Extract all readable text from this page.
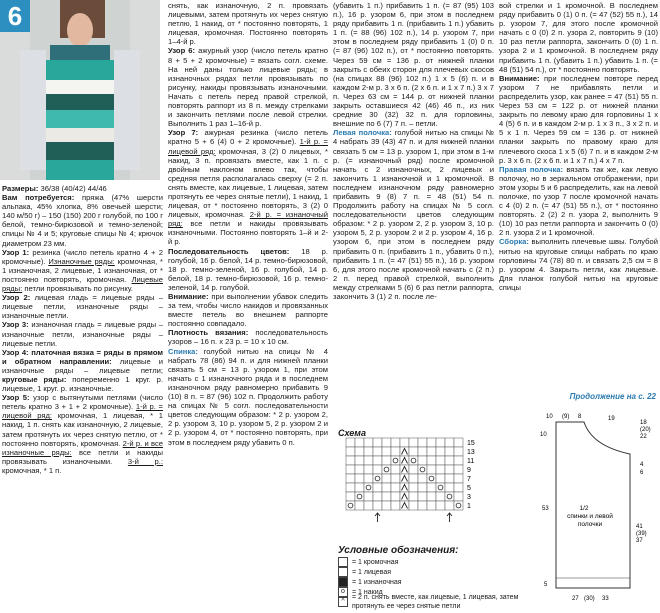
6

Размеры: 36/38 (40/42) 44/46

Вам потребуется: пряжа (47% шерсти альпака, 45% хлопка, 8% овечьей шерсти; 140 м/50 г) – 150 (150) 200 г голубой, по 100 г белой, темно-бирюзовой и темно-зеленой; спицы № 4 и 5; круговые спицы № 4; крючок диаметром 23 мм.

Узор 1: резинка (число петель кратно 4 + 2 кромочные). Изнаночные ряды: кромочная, * 1 изнаночная, 2 лицевые, 1 изнаночная, от * постоянно повторять, кромочная. Лицевые ряды: петли провязывать по рисунку.

Узор 2: лицевая гладь = лицевые ряды – лицевые петли, изнаночные ряды – изнаночные петли.

Узор 3: изнаночная гладь = лицевые ряды – изнаночные петли, изнаночные ряды – лицевые петли.

Узор 4: платочная вязка = ряды в прямом и обратном направлении: лицевые и изнаночные ряды – лицевые петли; круговые ряды: попеременно 1 круг. р. лицевые, 1 круг. р. изнаночные.

Узор 5: узор с вытянутыми петлями (число петель кратно 3 + 1 + 2 кромочные). 1-й р. = лицевой ряд: кромочная, 1 лицевая, * 1 накид, 1 п. снять как изнаночную, 2 лицевые, затем протянуть их через снятую петлю, от * постоянно повторять, кромочная. 2-й р. и все изнаночные ряды: все петли и накиды провязывать изнаночными. 3-й р.: кромочная, * 1 п.

снять, как изнаночную, 2 п. провязать лицевыми, затем протянуть их через снятую петлю, 1 накид, от * постоянно повторять, 1 лицевая, кромочная. Постоянно повторять 1–4-й р.

Узор 6: ажурный узор (число петель кратно 8 + 5 + 2 кромочные) = вязать согл. схеме. На ней даны только лицевые ряды; в изнаночных рядах петли провязывать по рисунку, накиды провязывать изнаночными. Начать с петель перед правой стрелкой, повторять раппорт из 8 п. между стрелками и закончить петлями после левой стрелки. Выполнить 1 раз 1–16-й р.

Узор 7: ажурная резинка (число петель кратно 5 + 6 (4) 0 + 2 кромочные). 1-й р. = лицевой ряд: кромочная, 3 (2) 0 лицевых, * накид, 3 п. провязать вместе, как 1 п. с двойным наклоном влево так, чтобы средняя петля располагалась сверху (= 2 п. снять вместе, как лицевые, 1 лицевая, затем протянуть ее через снятые петли), 1 накид, 1 лицевая, от * постоянно повторять, 3 (2) 0 лицевых, кромочная. 2-й р. = изнаночный ряд: все петли и накиды провязывать изнаночными. Постоянно повторять 1–й и 2-й р.

Последовательность цветов: 18 р. голубой, 16 р. белой, 14 р. темно-бирюзовой, 18 р. темно-зеленой, 16 р. голубой, 14 р. белой, 18 р. темно-бирюзовой, 16 р. темно-зеленой, 14 р. голубой.

Внимание: при выполнении убавок следить за тем, чтобы число накидов и провязанных вместе петель во внешнем раппорте постоянно совпадало.

Плотность вязания: последовательность узоров – 16 п. х 23 р. = 10 х 10 см.

Спинка: голубой нитью на спицы № 4 набрать 78 (86) 94 п. и для нижней планки связать 5 см = 13 р. узором 1, при этом начать с 1 изнаночного ряда и в последнем изнаночном ряду равномерно прибавить 9 (10) 8 п. = 87 (96) 102 п. Продолжить работу на спицах № 5 согл. последовательности цветов следующим образом: * 2 р. узором 2, 2 р. узором 3, 10 р. узором 5, 2 р. узором 2 и 2 р. узором 4, от * постоянно повторять, при этом в последнем ряду убавить 0 п.

(убавить 1 п.) прибавить 1 п. (= 87 (95) 103 п.), 16 р. узором 6, при этом в последнем ряду прибавить 1 п. (прибавить 1 п.) убавить 1 п. (= 88 (96) 102 п.), 14 р. узором 7, при этом в последнем ряду прибавить 1 (0) 0 п. (= 87 (96) 102 п.), от * постоянно повторять. Через 59 см = 136 р. от нижней планки закрыть с обеих сторон для плечевых скосов (на спицах 88 (96) 102 п.) 1 х 5 (6) п. и в каждом 2-м р. 3 х 6 п. (2 х 6 п. и 1 х 7 п.) 3 х 7 п. Через 63 см = 144 р. от нижней планки закрыть оставшиеся 42 (46) 46 п., из них средние 30 (32) 32 п. для горловины, внешние по 6 (7) 7 п. – петли.

Левая полочка: голубой нитью на спицы № 4 набрать 39 (43) 47 п. и для нижней планки связать 5 см = 13 р. узором 1, при этом в 1-м р. (= изнаночный ряд) после кромочной начать с 2 изнаночных, 2 лицевых и закончить 1 изнаночной и 1 кромочной. В последнем изнаночном ряду равномерно прибавить 9 (8) 7 п. = 48 (51) 54 п. Продолжить работу на спицах № 5 согл. последовательности цветов следующим образом: * 2 р. узором 2, 2 р. узором 3, 10 р. узором 5, 2 р. узором 2 и 2 р. узором 4, 16 р. узором 6, при этом в последнем ряду прибавить 0 п. (прибавить 1 п., убавить 0 п.), прибавить 1 п. (= 47 (51) 55 п.), 16 р. узором 6, для этого после кромочной начать с (2 п.) 2 п. перед правой стрелкой, выполнить между стрелками 5 (6) 6 раз петли раппорта, закончить 3 (1) 2 п. после ле-

вой стрелки и 1 кромочной. В последнем ряду прибавить 0 (1) 0 п. (= 47 (52) 55 п.), 14 р. узором 7, для этого после кромочной начать с 0 (0) 2 п. узора 2, повторить 9 (10) 10 раз петли раппорта, закончить 0 (0) 1 п. узора 2 и 1 кромочной. В последнем ряду прибавить 1 п. (убавить 1 п.) убавить 1 п. (= 48 (51) 54 п.), от * постоянно повторять.

Внимание: при последнем повторе перед узором 7 не прибавлять петли и распределить узор, как ранее = 47 (51) 55 п. Через 53 см = 122 р. от нижней планки закрыть по левому краю для горловины 1 х 4 (5) 6 п. и в каждом 2-м р. 1 х 3 п., 3 х 2 п. и 5 х 1 п. Через 59 см = 136 р. от нижней планки закрыть по правому краю для плечевого скоса 1 х 5 (6) 7 п. и в каждом 2-м р. 3 х 6 п. (2 х 6 п. и 1 х 7 п.) 4 х 7 п.

Правая полочка: вязать так же, как левую полочку, но в зеркальном отображении, при этом узоры 5 и 6 распределить, как на левой полочке, по узор 7 после кромочной начать с 4 (0) 2 п. (= 47 (51) 55 п.), от * постоянно повторять. 2 (2) 2 п. узора 2, выполнить 9 (10) 10 раз петли раппорта и закончить 0 (0) 2 п. узора 2 и 1 кромочной.

Сборка: выполнить плечевые швы. Голубой нитью на круговые спицы набрать по краю горловины 74 (78) 80 п. и связать 2,5 см = 8 р. узором 4. Закрыть петли, как лицевые. Для планок голубой нитью на круговые спицы

Продолжение на с. 22
Схема
15
13
11
9
7
5
3
1
Условные обозначения:
= 1 кромочная
= 1 лицевая
= 1 изнаночная
o	= 1 накид
^
= 2 п. снять вместе, как лицевые, 1 лицевая, затем протянуть ее через снятые петли
10
19
18
(20)
22
4
6
53
41
(39)
37
8
(9)
10
1/2
спинки и левой
полочки
27 (30) 33
5
